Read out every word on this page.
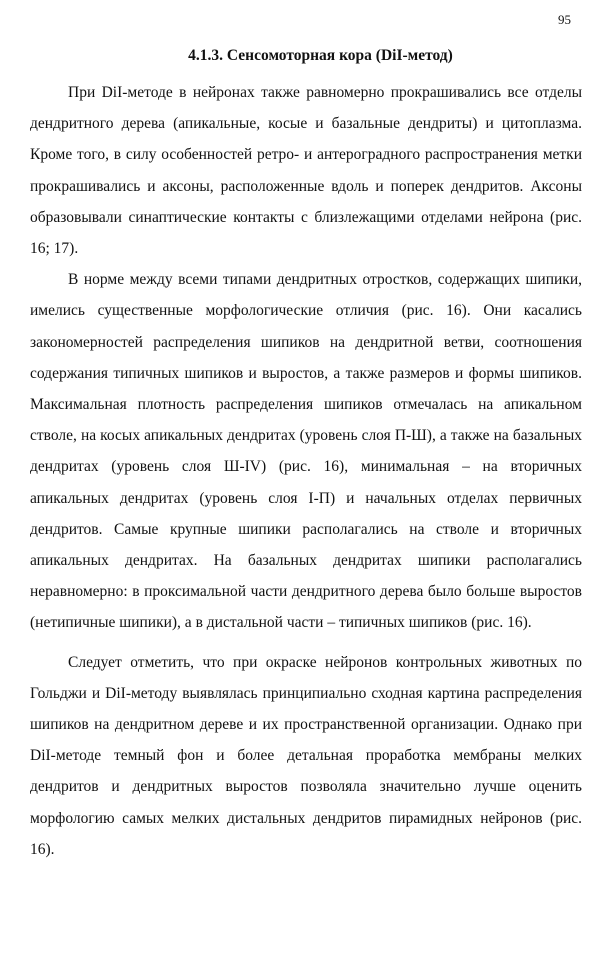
95
4.1.3. Сенсомоторная кора (DiI-метод)

При DiI-методе в нейронах также равномерно прокрашивались все отделы дендритного дерева (апикальные, косые и базальные дендриты) и цитоплазма. Кроме того, в силу особенностей ретро- и антероградного распространения метки прокрашивались и аксоны, расположенные вдоль и поперек дендритов. Аксоны образовывали синаптические контакты с близлежащими отделами нейрона (рис. 16; 17).

В норме между всеми типами дендритных отростков, содержащих шипики, имелись существенные морфологические отличия (рис. 16). Они касались закономерностей распределения шипиков на дендритной ветви, соотношения содержания типичных шипиков и выростов, а также размеров и формы шипиков. Максимальная плотность распределения шипиков отмечалась на апикальном стволе, на косых апикальных дендритах (уровень слоя П-Ш), а также на базальных дендритах (уровень слоя Ш-IV) (рис. 16), минимальная – на вторичных апикальных дендритах (уровень слоя I-П) и начальных отделах первичных дендритов. Самые крупные шипики располагались на стволе и вторичных апикальных дендритах. На базальных дендритах шипики располагались неравномерно: в проксимальной части дендритного дерева было больше выростов (нетипичные шипики), а в дистальной части – типичных шипиков (рис. 16).

Следует отметить, что при окраске нейронов контрольных животных по Гольджи и DiI-методу выявлялась принципиально сходная картина распределения шипиков на дендритном дереве и их пространственной организации. Однако при DiI-методе темный фон и более детальная проработка мембраны мелких дендритов и дендритных выростов позволяла значительно лучше оценить морфологию самых мелких дистальных дендритов пирамидных нейронов (рис. 16).
